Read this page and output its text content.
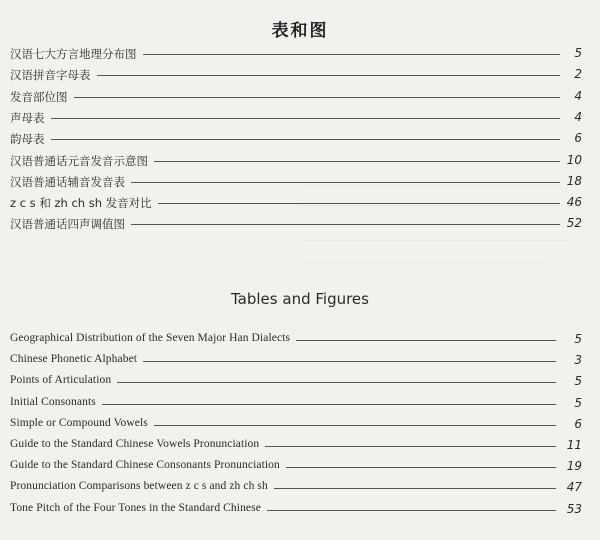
表和图
汉语七大方言地理分布图	5
汉语拼音字母表	2
发音部位图	4
声母表	4
韵母表	6
汉语普通话元音发音示意图	10
汉语普通话辅音发音表	18
z c s 和 zh ch sh 发音对比	46
汉语普通话四声调值图	52
Tables and Figures
Geographical Distribution of the Seven Major Han Dialects	5
Chinese Phonetic Alphabet	3
Points of Articulation	5
Initial Consonants	5
Simple or Compound Vowels	6
Guide to the Standard Chinese Vowels Pronunciation	11
Guide to the Standard Chinese Consonants Pronunciation	19
Pronunciation Comparisons between z c s and zh ch sh	47
Tone Pitch of the Four Tones in the Standard Chinese	53
